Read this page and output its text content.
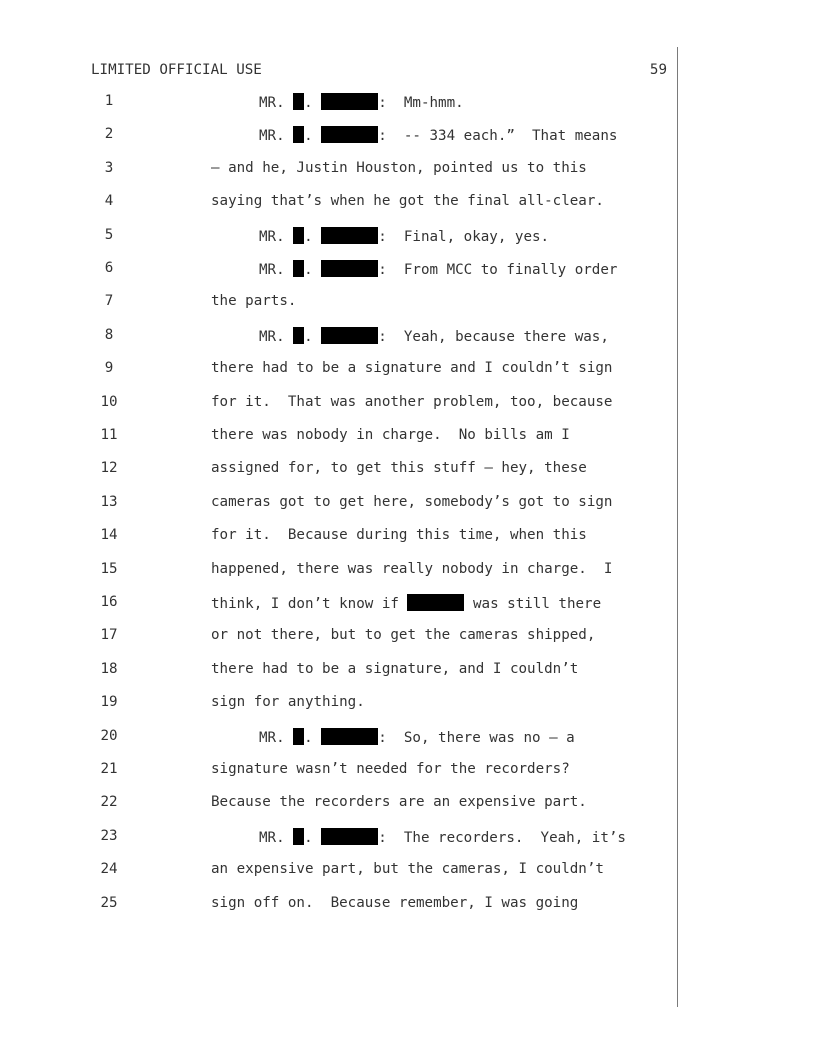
LIMITED OFFICIAL USE	59
1	MR. .	:  Mm-hmm.
2	MR. .	:  -- 334 each.”  That means
3	– and he, Justin Houston, pointed us to this
4	saying that’s when he got the final all-clear.
5	MR. .	:  Final, okay, yes.
6	MR. .	:  From MCC to finally order
7	the parts.
8	MR. .	:  Yeah, because there was,
9	there had to be a signature and I couldn’t sign
10	for it.  That was another problem, too, because
11	there was nobody in charge.  No bills am I
12	assigned for, to get this stuff – hey, these
13	cameras got to get here, somebody’s got to sign
14	for it.  Because during this time, when this
15	happened, there was really nobody in charge.  I
16	think, I don’t know if	was still there
17	or not there, but to get the cameras shipped,
18	there had to be a signature, and I couldn’t
19	sign for anything.
20	MR. .	:  So, there was no – a
21	signature wasn’t needed for the recorders?
22	Because the recorders are an expensive part.
23	MR. .	:  The recorders.  Yeah, it’s
24	an expensive part, but the cameras, I couldn’t
25	sign off on.  Because remember, I was going
